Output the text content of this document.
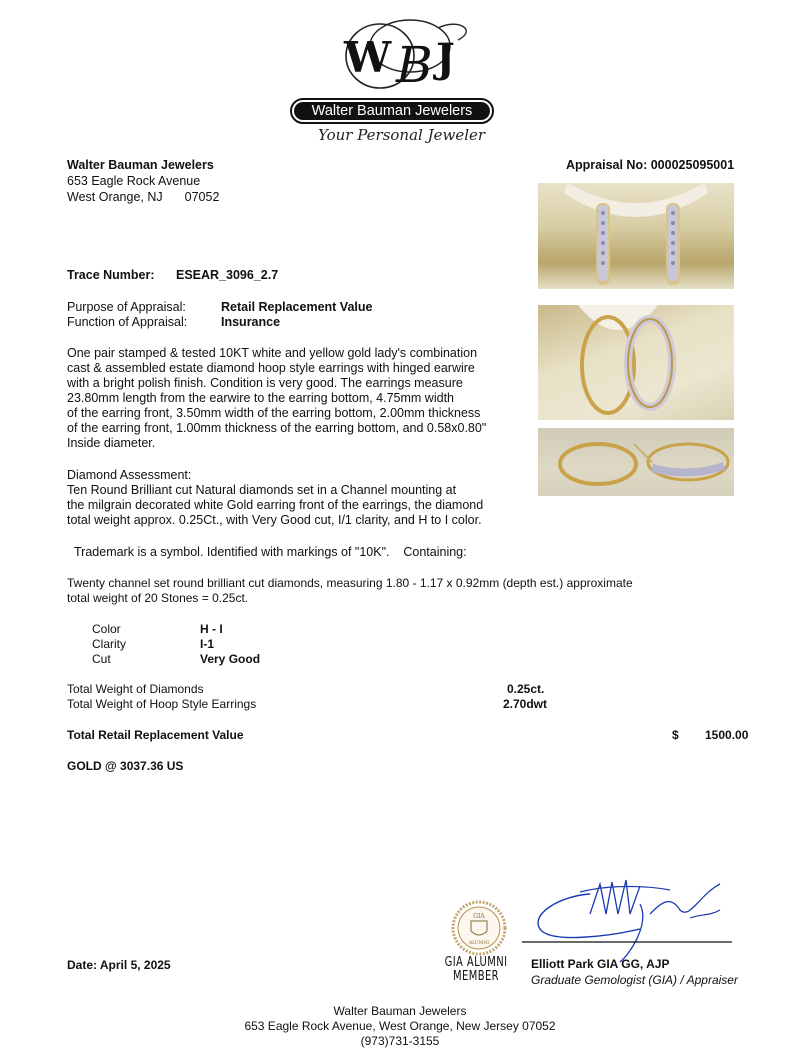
W B J
Walter Bauman Jewelers
Your Personal Jeweler
Walter Bauman Jewelers
653 Eagle Rock Avenue
West Orange, NJ 07052
Appraisal No: 000025095001
Trace Number: ESEAR_3096_2.7
Purpose of Appraisal:	Retail Replacement Value
Function of Appraisal:	Insurance
One pair stamped & tested 10KT white and yellow gold lady's combination
cast & assembled estate diamond hoop style earrings with hinged earwire
with a bright polish finish. Condition is very good. The earrings measure
23.80mm length from the earwire to the earring bottom, 4.75mm width
of the earring front, 3.50mm width of the earring bottom, 2.00mm thickness
of the earring front, 1.00mm thickness of the earring bottom, and 0.58x0.80"
Inside diameter.
Diamond Assessment:
Ten Round Brilliant cut Natural diamonds set in a Channel mounting at
the milgrain decorated white Gold earring front of the earrings, the diamond
total weight approx. 0.25Ct., with Very Good cut, I/1 clarity, and H to I color.
Trademark is a symbol. Identified with markings of "10K".    Containing:
Twenty channel set round brilliant cut diamonds, measuring 1.80 - 1.17 x 0.92mm (depth est.) approximate
total weight of 20 Stones = 0.25ct.
Color	H - I
Clarity	I-1
Cut	Very Good
Total Weight of Diamonds	0.25ct.
Total Weight of Hoop Style Earrings	2.70dwt
Total Retail Replacement Value	$ 1500.00
GOLD @ 3037.36 US
Date: April 5, 2025
GIA
ALUMNI
GIA ALUMNI
MEMBER
Elliott Park GIA GG, AJP
Graduate Gemologist (GIA) / Appraiser
Walter Bauman Jewelers
653 Eagle Rock Avenue, West Orange, New Jersey 07052
(973)731-3155
